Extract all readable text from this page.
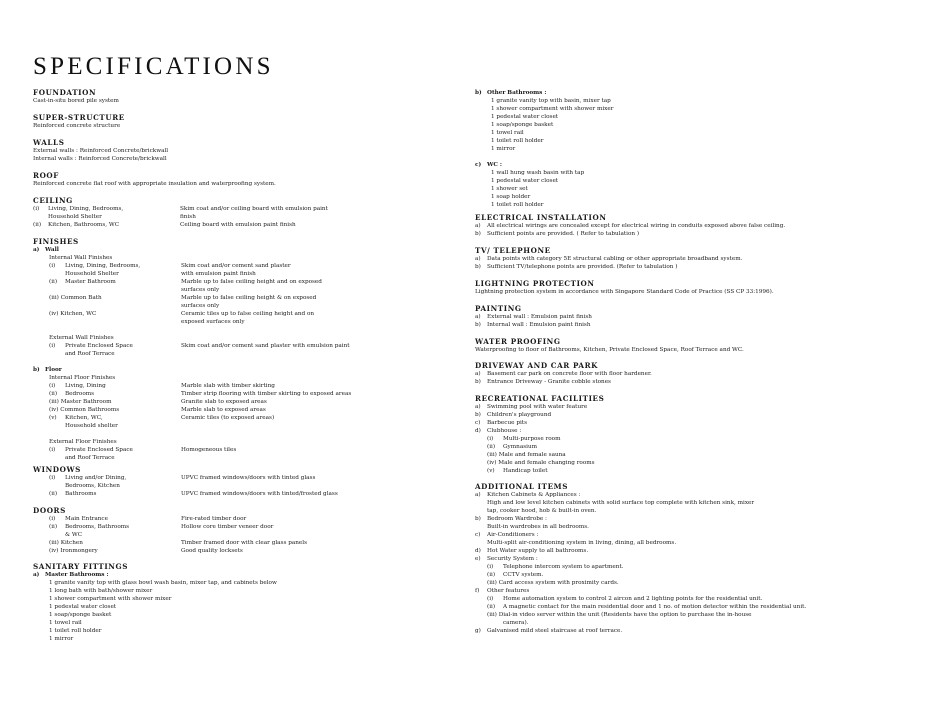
SPECIFICATIONS
FOUNDATION
Cast-in-situ bored pile system
SUPER-STRUCTURE
Reinforced concrete structure
WALLS
External walls : Reinforced Concrete/brickwall
Internal walls : Reinforced Concrete/brickwall
ROOF
Reinforced concrete flat roof with appropriate insulation and waterproofing system.
CEILING
(i) Living, Dining, Bedrooms,	Skim coat and/or ceiling board with emulsion paint
Household Shelter	finish
(ii) Kitchen, Bathrooms, WC	Ceiling board with emulsion paint finish
FINISHES
a) Wall
Internal Wall Finishes
(i) Living, Dining, Bedrooms,	Skim coat and/or cement sand plaster
Household Shelter	with emulsion paint finish
(ii) Master Bathroom	Marble up to false ceiling height and on exposed
surfaces only
(iii) Common Bath	Marble up to false ceiling height & on exposed
surfaces only
(iv) Kitchen, WC	Ceramic tiles up to false ceiling height and on
exposed surfaces only
External Wall Finishes
(i) Private Enclosed Space	Skim coat and/or cement sand plaster with emulsion paint
and Roof Terrace
b) Floor
Internal Floor Finishes
(i) Living, Dining	Marble slab with timber skirting
(ii) Bedrooms	Timber strip flooring with timber skirting to exposed areas
(iii) Master Bathroom	Granite slab to exposed areas
(iv) Common Bathrooms	Marble slab to exposed areas
(v) Kitchen, WC,	Ceramic tiles (to exposed areas)
Household shelter
External Floor Finishes
(i) Private Enclosed Space	Homogeneous tiles
and Roof Terrace
WINDOWS
(i) Living and/or Dining,	UPVC framed windows/doors with tinted glass
Bedrooms, Kitchen
(ii) Bathrooms	UPVC framed windows/doors with tinted/frosted glass
DOORS
(i) Main Entrance	Fire-rated timber door
(ii) Bedrooms, Bathrooms	Hollow core timber veneer door
& WC
(iii) Kitchen	Timber framed door with clear glass panels
(iv) Ironmongery	Good quality locksets
SANITARY FITTINGS
a) Master Bathrooms :
1 granite vanity top with glass bowl wash basin, mixer tap, and cabinets below
1 long bath with bath/shower mixer
1 shower compartment with shower mixer
1 pedestal water closet
1 soap/sponge basket
1 towel rail
1 toilet roll holder
1 mirror
b) Other Bathrooms :
1 granite vanity top with basin, mixer tap
1 shower compartment with shower mixer
1 pedestal water closet
1 soap/sponge basket
1 towel rail
1 toilet roll holder
1 mirror
c) WC :
1 wall hung wash basin with tap
1 pedestal water closet
1 shower set
1 soap holder
1 toilet roll holder
ELECTRICAL INSTALLATION
a) All electrical wirings are concealed except for electrical wiring in conduits exposed above false ceiling.
b) Sufficient points are provided. ( Refer to tabulation )
TV/ TELEPHONE
a) Data points with category 5E structural cabling or other appropriate broadband system.
b) Sufficient TV/telephone points are provided. (Refer to tabulation )
LIGHTNING PROTECTION
Lightning protection system in accordance with Singapore Standard Code of Practice (SS CP 33:1996).
PAINTING
a) External wall : Emulsion paint finish
b) Internal wall : Emulsion paint finish
WATER PROOFING
Waterproofing to floor of Bathrooms, Kitchen, Private Enclosed Space, Roof Terrace and WC.
DRIVEWAY AND CAR PARK
a) Basement car park on concrete floor with floor hardener.
b) Entrance Driveway - Granite cobble stones
RECREATIONAL FACILITIES
a) Swimming pool with water feature
b) Children's playground
c) Barbecue pits
d) Clubhouse :
(i) Multi-purpose room
(ii) Gymnasium
(iii) Male and female sauna
(iv) Male and female changing rooms
(v) Handicap toilet
ADDITIONAL ITEMS
a) Kitchen Cabinets & Appliances :
High and low level kitchen cabinets with solid surface top complete with kitchen sink, mixer
tap, cooker hood, hob & built-in oven.
b) Bedroom Wardrobe :
Built-in wardrobes in all bedrooms.
c) Air-Conditioners :
Multi-split air-conditioning system in living, dining, all bedrooms.
d) Hot Water supply to all bathrooms.
e) Security System :
(i) Telephone intercom system to apartment.
(ii) CCTV system.
(iii) Card access system with proximity cards.
f) Other features
(i) Home automation system to control 2 aircon and 2 lighting points for the residential unit.
(ii) A magnetic contact for the main residential door and 1 no. of motion detector within the residential unit.
(iii) Dial-in video server within the unit (Residents have the option to purchase the in-house
camera).
g) Galvanised mild steel staircase at roof terrace.
